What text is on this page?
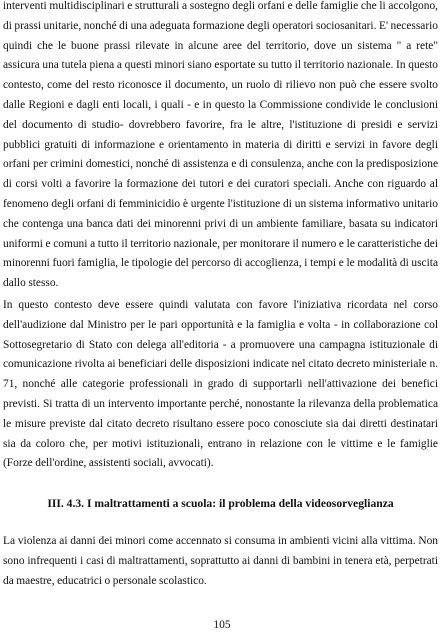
interventi multidisciplinari e strutturali a sostegno degli orfani e delle famiglie che li accolgono, di prassi unitarie, nonché di una adeguata formazione degli operatori sociosanitari. E' necessario quindi che le buone prassi rilevate in alcune aree del territorio, dove un sistema " a rete" assicura una tutela piena a questi minori siano esportate su tutto il territorio nazionale. In questo contesto, come del resto riconosce il documento, un ruolo di rilievo non può che essere svolto dalle Regioni e dagli enti locali, i quali - e in questo la Commissione condivide le conclusioni del documento di studio- dovrebbero favorire, fra le altre, l'istituzione di presidi e servizi pubblici gratuiti di informazione e orientamento in materia di diritti e servizi in favore degli orfani per crimini domestici, nonché di assistenza e di consulenza, anche con la predisposizione di corsi volti a favorire la formazione dei tutori e dei curatori speciali. Anche con riguardo al fenomeno degli orfani di femminicidio è urgente l'istituzione di un sistema informativo unitario che contenga una banca dati dei minorenni privi di un ambiente familiare, basata su indicatori uniformi e comuni a tutto il territorio nazionale, per monitorare il numero e le caratteristiche dei minorenni fuori famiglia, le tipologie del percorso di accoglienza, i tempi e le modalità di uscita dallo stesso.

In questo contesto deve essere quindi valutata con favore l'iniziativa ricordata nel corso dell'audizione dal Ministro per le pari opportunità e la famiglia e volta - in collaborazione col Sottosegretario di Stato con delega all'editoria - a promuovere una campagna istituzionale di comunicazione rivolta ai beneficiari delle disposizioni indicate nel citato decreto ministeriale n. 71, nonché alle categorie professionali in grado di supportarli nell'attivazione dei benefici previsti. Si tratta di un intervento importante perché, nonostante la rilevanza della problematica le misure previste dal citato decreto risultano essere poco conosciute sia dai diretti destinatari sia da coloro che, per motivi istituzionali, entrano in relazione con le vittime e le famiglie (Forze dell'ordine, assistenti sociali, avvocati).

III. 4.3. I maltrattamenti a scuola: il problema della videosorveglianza

La violenza ai danni dei minori come accennato si consuma in ambienti vicini alla vittima. Non sono infrequenti i casi di maltrattamenti, soprattutto ai danni di bambini in tenera età, perpetrati da maestre, educatrici o personale scolastico.

105
